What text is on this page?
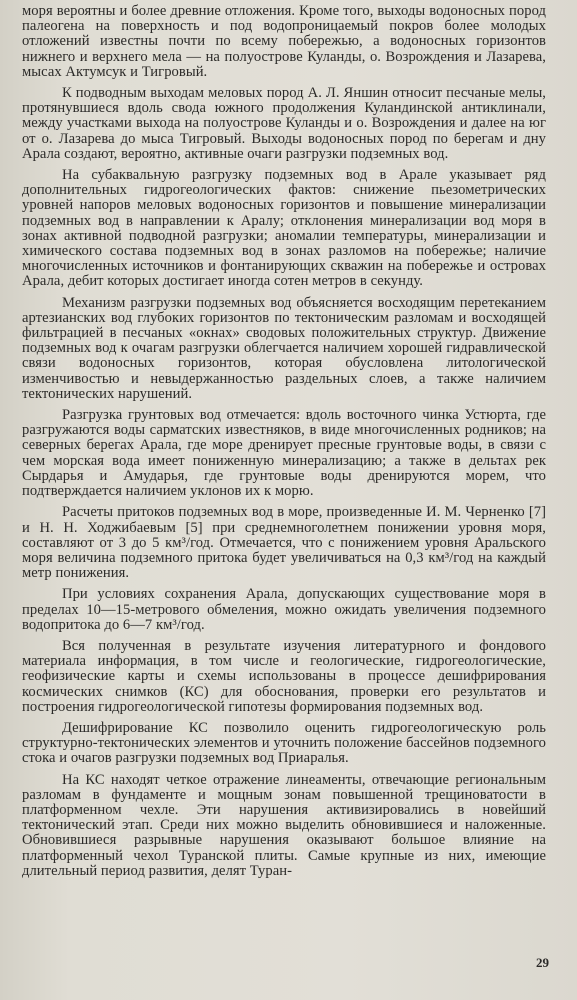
моря вероятны и более древние отложения. Кроме того, выходы водоносных пород палеогена на поверхность и под водопроницаемый покров более молодых отложений известны почти по всему побережью, а водоносных горизонтов нижнего и верхнего мела — на полуострове Куланды, о. Возрождения и Лазарева, мысах Актумсук и Тигровый.

К подводным выходам меловых пород А. Л. Яншин относит песчаные мелы, протянувшиеся вдоль свода южного продолжения Куландинской антиклинали, между участками выхода на полуострове Куланды и о. Возрождения и далее на юг от о. Лазарева до мыса Тигровый. Выходы водоносных пород по берегам и дну Арала создают, вероятно, активные очаги разгрузки подземных вод.

На субаквальную разгрузку подземных вод в Арале указывает ряд дополнительных гидрогеологических фактов: снижение пьезометрических уровней напоров меловых водоносных горизонтов и повышение минерализации подземных вод в направлении к Аралу; отклонения минерализации вод моря в зонах активной подводной разгрузки; аномалии температуры, минерализации и химического состава подземных вод в зонах разломов на побережье; наличие многочисленных источников и фонтанирующих скважин на побережье и островах Арала, дебит которых достигает иногда сотен метров в секунду.

Механизм разгрузки подземных вод объясняется восходящим перетеканием артезианских вод глубоких горизонтов по тектоническим разломам и восходящей фильтрацией в песчаных «окнах» сводовых положительных структур. Движение подземных вод к очагам разгрузки облегчается наличием хорошей гидравлической связи водоносных горизонтов, которая обусловлена литологической изменчивостью и невыдержанностью раздельных слоев, а также наличием тектонических нарушений.

Разгрузка грунтовых вод отмечается: вдоль восточного чинка Устюрта, где разгружаются воды сарматских известняков, в виде многочисленных родников; на северных берегах Арала, где море дренирует пресные грунтовые воды, в связи с чем морская вода имеет пониженную минерализацию; а также в дельтах рек Сырдарья и Амударья, где грунтовые воды дренируются морем, что подтверждается наличием уклонов их к морю.

Расчеты притоков подземных вод в море, произведенные И. М. Черненко [7] и Н. Н. Ходжибаевым [5] при среднемноголетнем понижении уровня моря, составляют от 3 до 5 км³/год. Отмечается, что с понижением уровня Аральского моря величина подземного притока будет увеличиваться на 0,3 км³/год на каждый метр понижения.

При условиях сохранения Арала, допускающих существование моря в пределах 10—15-метрового обмеления, можно ожидать увеличения подземного водопритока до 6—7 км³/год.

Вся полученная в результате изучения литературного и фондового материала информация, в том числе и геологические, гидрогеологические, геофизические карты и схемы использованы в процессе дешифрирования космических снимков (КС) для обоснования, проверки его результатов и построения гидрогеологической гипотезы формирования подземных вод.

Дешифрирование КС позволило оценить гидрогеологическую роль структурно-тектонических элементов и уточнить положение бассейнов подземного стока и очагов разгрузки подземных вод Приаралья.

На КС находят четкое отражение линеаменты, отвечающие региональным разломам в фундаменте и мощным зонам повышенной трещиноватости в платформенном чехле. Эти нарушения активизировались в новейший тектонический этап. Среди них можно выделить обновившиеся и наложенные. Обновившиеся разрывные нарушения оказывают большое влияние на платформенный чехол Туранской плиты. Самые крупные из них, имеющие длительный период развития, делят Туран-

29
